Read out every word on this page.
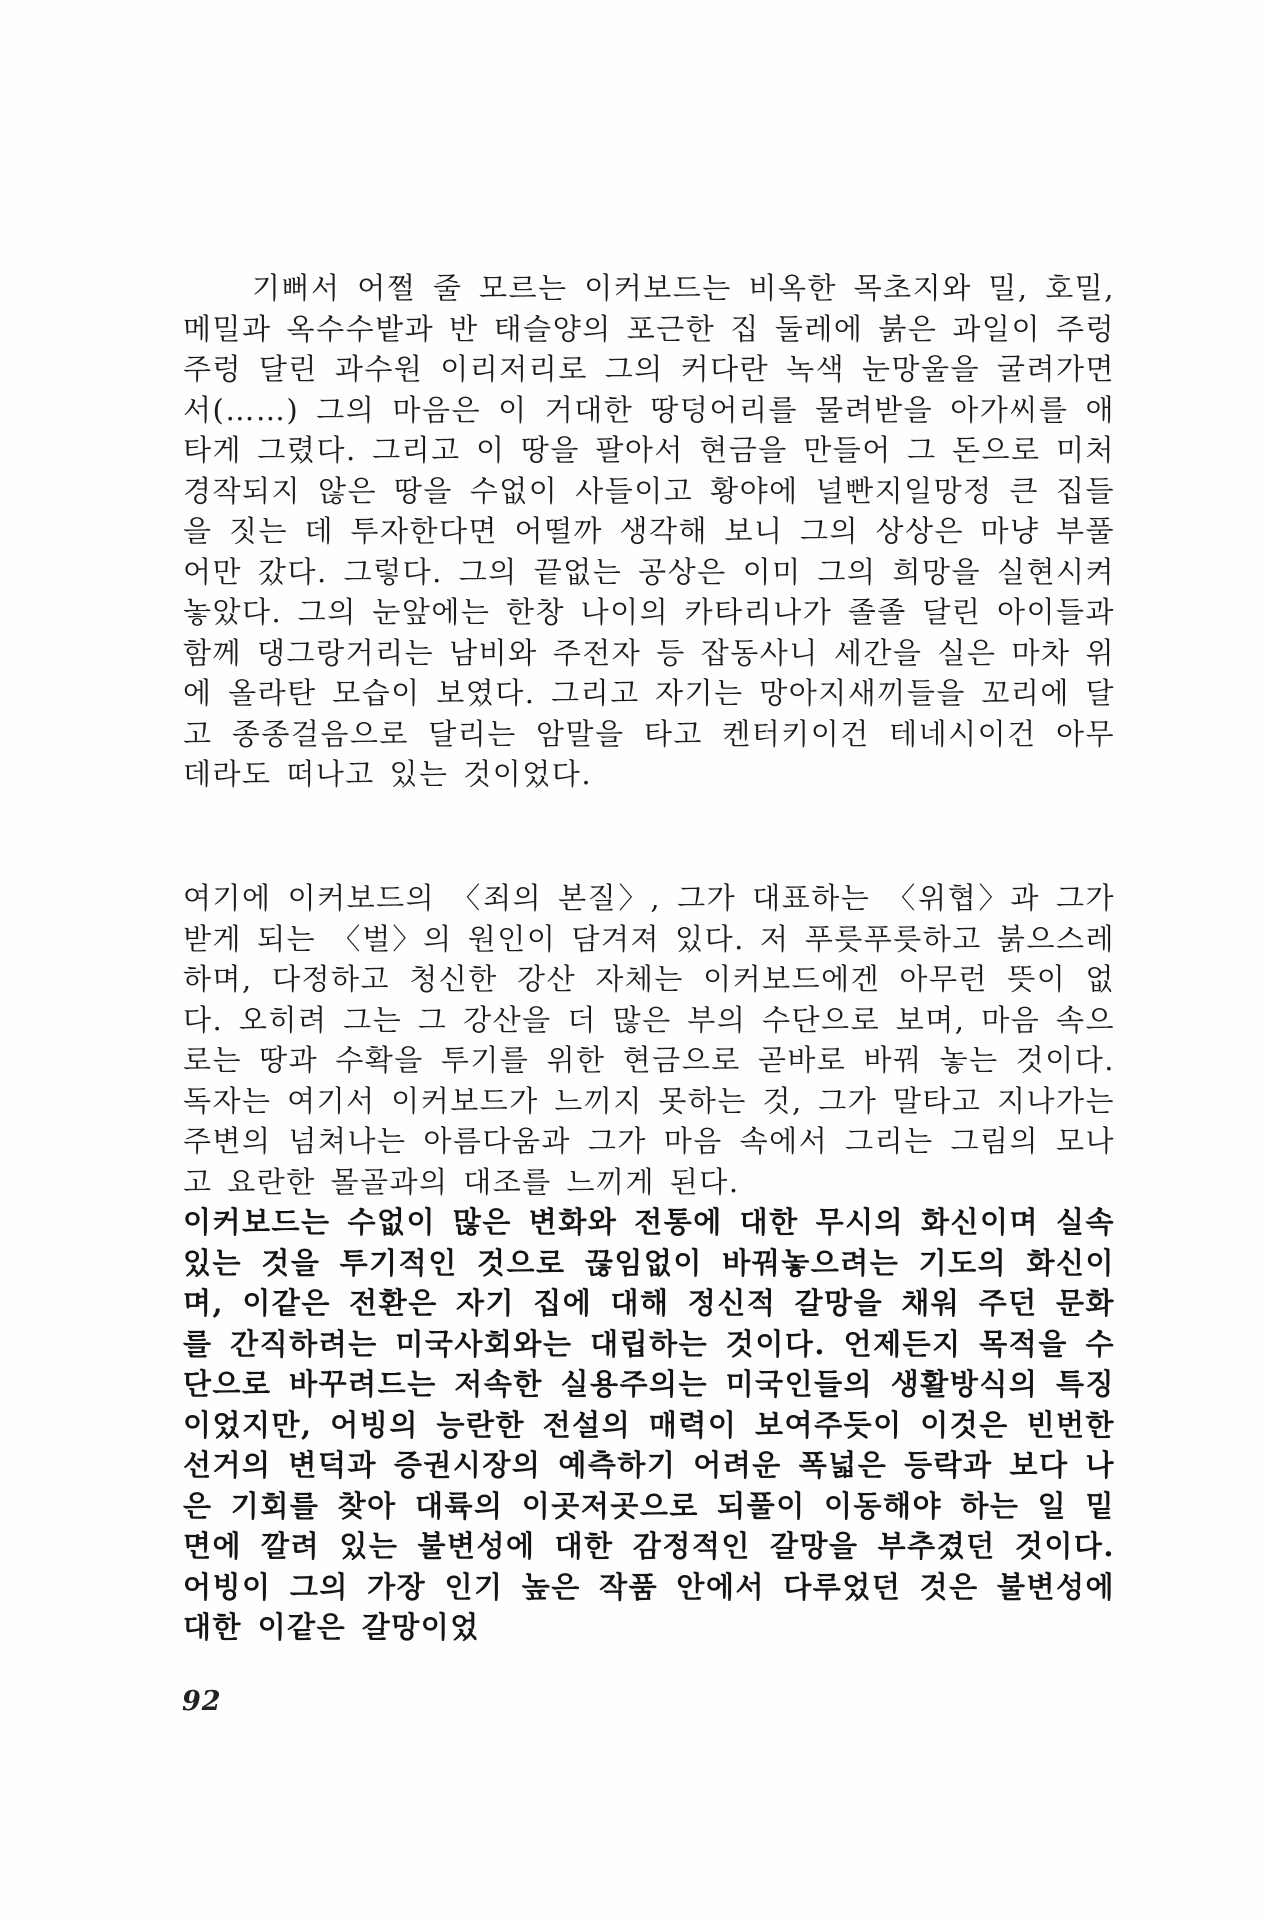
기뻐서 어쩔 줄 모르는 이커보드는 비옥한 목초지와 밀, 호밀, 메밀과 옥수수밭과 반 태슬양의 포근한 집 둘레에 붉은 과일이 주렁주렁 달린 과수원 이리저리로 그의 커다란 녹색 눈망울을 굴려가면서(……) 그의 마음은 이 거대한 땅덩어리를 물려받을 아가씨를 애타게 그렸다. 그리고 이 땅을 팔아서 현금을 만들어 그 돈으로 미처 경작되지 않은 땅을 수없이 사들이고 황야에 널빤지일망정 큰 집들을 짓는 데 투자한다면 어떨까 생각해 보니 그의 상상은 마냥 부풀어만 갔다. 그렇다. 그의 끝없는 공상은 이미 그의 희망을 실현시켜 놓았다. 그의 눈앞에는 한창 나이의 카타리나가 졸졸 달린 아이들과 함께 댕그랑거리는 남비와 주전자 등 잡동사니 세간을 실은 마차 위에 올라탄 모습이 보였다. 그리고 자기는 망아지새끼들을 꼬리에 달고 종종걸음으로 달리는 암말을 타고 켄터키이건 테네시이건 아무 데라도 떠나고 있는 것이었다.

여기에 이커보드의 〈죄의 본질〉, 그가 대표하는 〈위협〉과 그가 받게 되는 〈벌〉의 원인이 담겨져 있다. 저 푸릇푸릇하고 붉으스레하며, 다정하고 청신한 강산 자체는 이커보드에겐 아무런 뜻이 없다. 오히려 그는 그 강산을 더 많은 부의 수단으로 보며, 마음 속으로는 땅과 수확을 투기를 위한 현금으로 곧바로 바꿔 놓는 것이다. 독자는 여기서 이커보드가 느끼지 못하는 것, 그가 말타고 지나가는 주변의 넘쳐나는 아름다움과 그가 마음 속에서 그리는 그림의 모나고 요란한 몰골과의 대조를 느끼게 된다.

이커보드는 수없이 많은 변화와 전통에 대한 무시의 화신이며 실속있는 것을 투기적인 것으로 끊임없이 바꿔놓으려는 기도의 화신이며, 이같은 전환은 자기 집에 대해 정신적 갈망을 채워 주던 문화를 간직하려는 미국사회와는 대립하는 것이다. 언제든지 목적을 수단으로 바꾸려드는 저속한 실용주의는 미국인들의 생활방식의 특징이었지만, 어빙의 능란한 전설의 매력이 보여주듯이 이것은 빈번한 선거의 변덕과 증권시장의 예측하기 어려운 폭넓은 등락과 보다 나은 기회를 찾아 대륙의 이곳저곳으로 되풀이 이동해야 하는 일 밑면에 깔려 있는 불변성에 대한 감정적인 갈망을 부추겼던 것이다. 어빙이 그의 가장 인기 높은 작품 안에서 다루었던 것은 불변성에 대한 이같은 갈망이었

92
